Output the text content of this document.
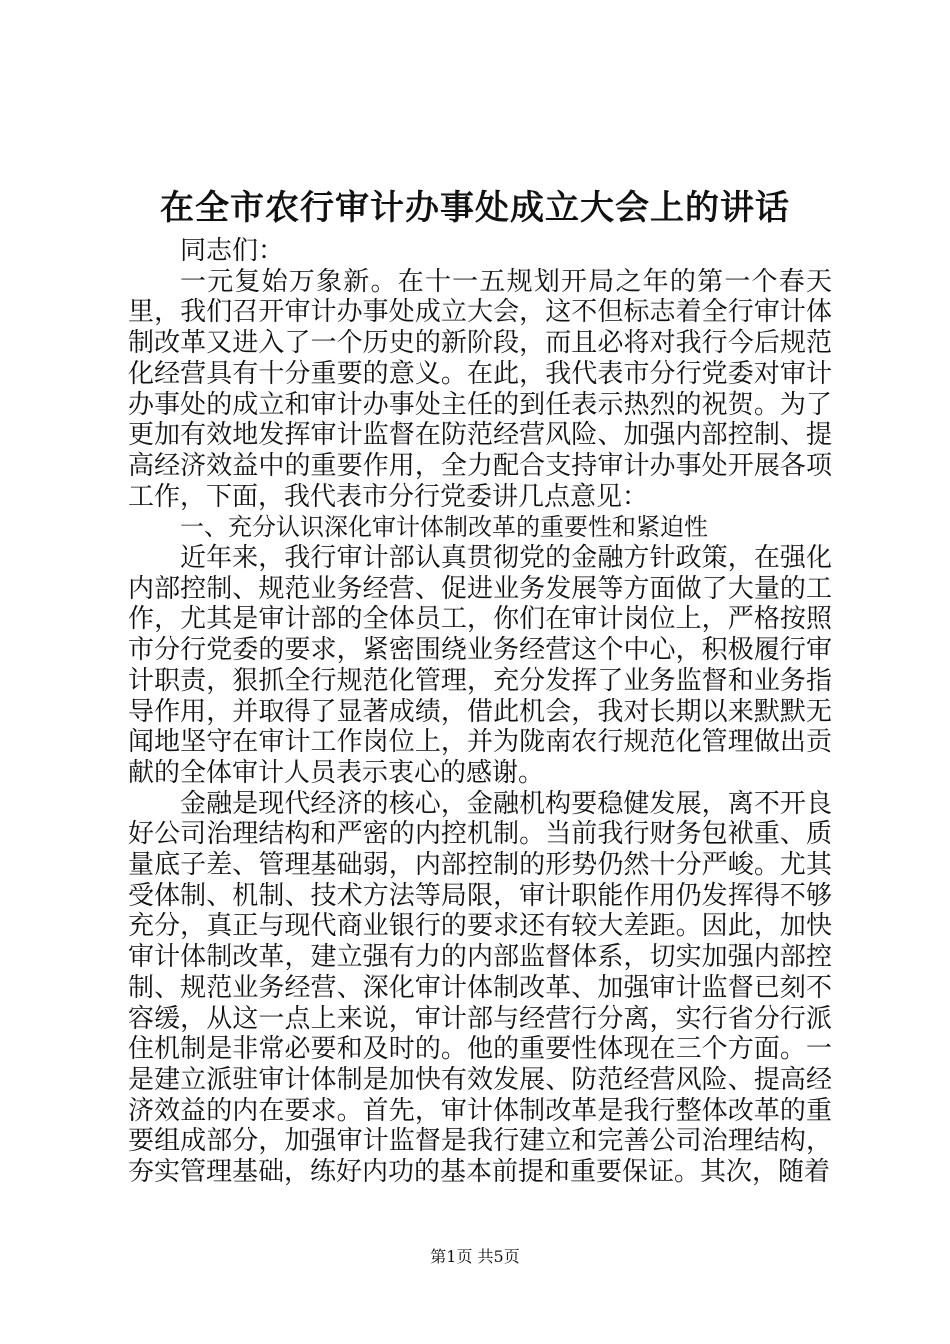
在全市农行审计办事处成立大会上的讲话

同志们：

一元复始万象新。在十一五规划开局之年的第一个春天里，我们召开审计办事处成立大会，这不但标志着全行审计体制改革又进入了一个历史的新阶段，而且必将对我行今后规范化经营具有十分重要的意义。在此，我代表市分行党委对审计办事处的成立和审计办事处主任的到任表示热烈的祝贺。为了更加有效地发挥审计监督在防范经营风险、加强内部控制、提高经济效益中的重要作用，全力配合支持审计办事处开展各项工作，下面，我代表市分行党委讲几点意见：

一、充分认识深化审计体制改革的重要性和紧迫性

近年来，我行审计部认真贯彻党的金融方针政策，在强化内部控制、规范业务经营、促进业务发展等方面做了大量的工作，尤其是审计部的全体员工，你们在审计岗位上，严格按照市分行党委的要求，紧密围绕业务经营这个中心，积极履行审计职责，狠抓全行规范化管理，充分发挥了业务监督和业务指导作用，并取得了显著成绩，借此机会，我对长期以来默默无闻地坚守在审计工作岗位上，并为陇南农行规范化管理做出贡献的全体审计人员表示衷心的感谢。

金融是现代经济的核心，金融机构要稳健发展，离不开良好公司治理结构和严密的内控机制。当前我行财务包袱重、质量底子差、管理基础弱，内部控制的形势仍然十分严峻。尤其受体制、机制、技术方法等局限，审计职能作用仍发挥得不够充分，真正与现代商业银行的要求还有较大差距。因此，加快审计体制改革，建立强有力的内部监督体系，切实加强内部控制、规范业务经营、深化审计体制改革、加强审计监督已刻不容缓，从这一点上来说，审计部与经营行分离，实行省分行派住机制是非常必要和及时的。他的重要性体现在三个方面。一是建立派驻审计体制是加快有效发展、防范经营风险、提高经济效益的内在要求。首先，审计体制改革是我行整体改革的重要组成部分，加强审计监督是我行建立和完善公司治理结构，夯实管理基础，练好内功的基本前提和重要保证。其次，随着

第1页 共5页
